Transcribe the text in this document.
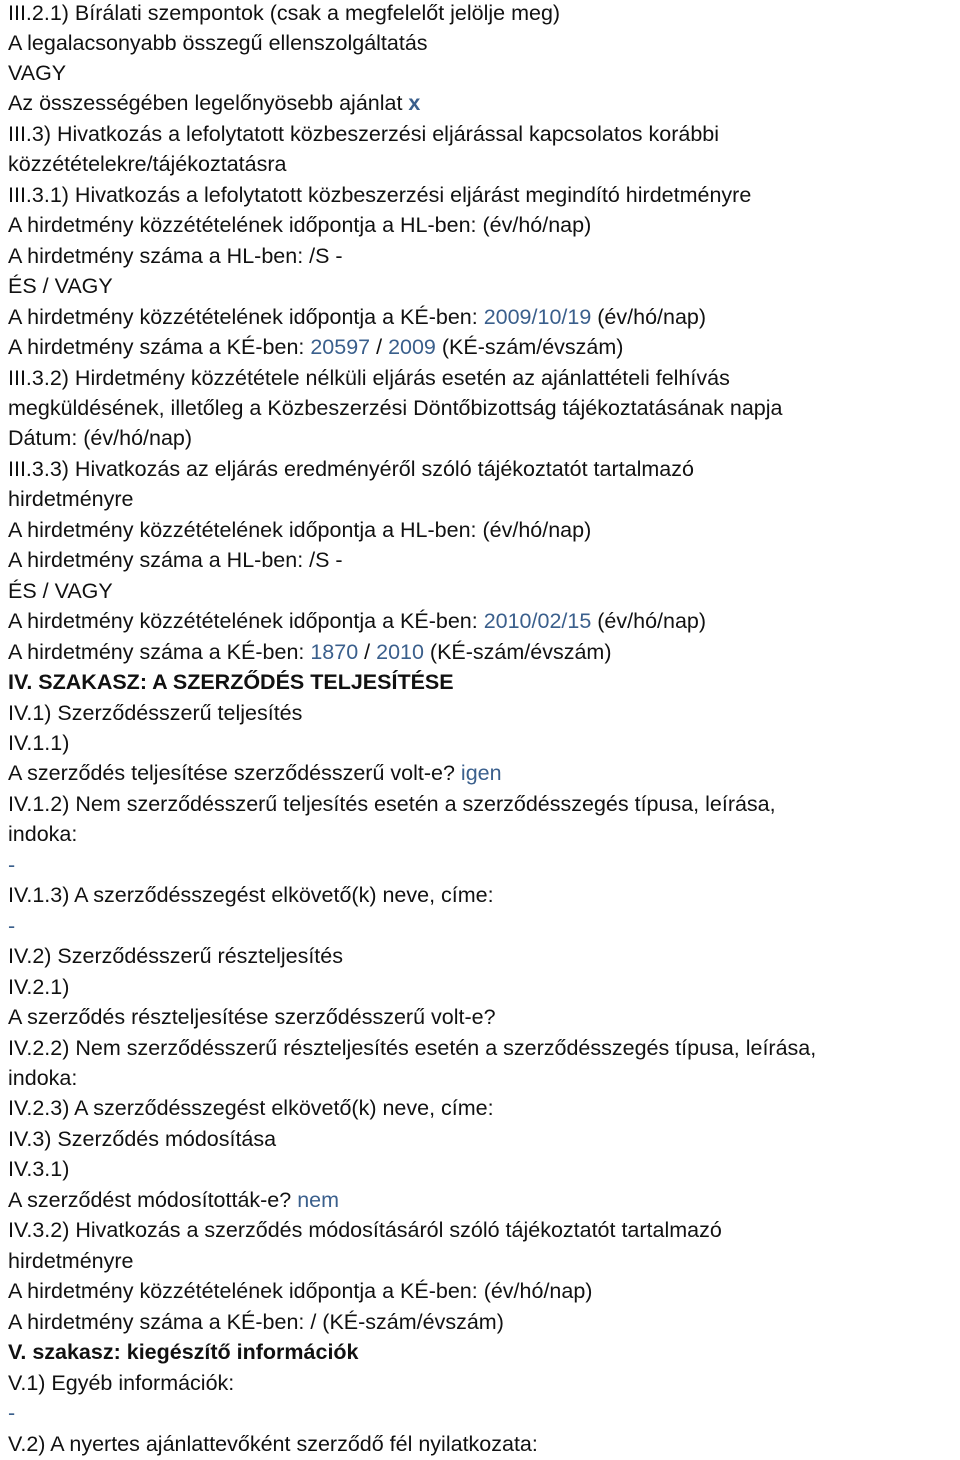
III.2.1) Bírálati szempontok (csak a megfelelőt jelölje meg)
A legalacsonyabb összegű ellenszolgáltatás
VAGY
Az összességében legelőnyösebb ajánlat x
III.3) Hivatkozás a lefolytatott közbeszerzési eljárással kapcsolatos korábbi
közzétételekre/tájékoztatásra
III.3.1) Hivatkozás a lefolytatott közbeszerzési eljárást megindító hirdetményre
A hirdetmény közzétételének időpontja a HL-ben: (év/hó/nap)
A hirdetmény száma a HL-ben: /S -
ÉS / VAGY
A hirdetmény közzétételének időpontja a KÉ-ben: 2009/10/19 (év/hó/nap)
A hirdetmény száma a KÉ-ben: 20597 / 2009 (KÉ-szám/évszám)
III.3.2) Hirdetmény közzététele nélküli eljárás esetén az ajánlattételi felhívás
megküldésének, illetőleg a Közbeszerzési Döntőbizottság tájékoztatásának napja
Dátum: (év/hó/nap)
III.3.3) Hivatkozás az eljárás eredményéről szóló tájékoztatót tartalmazó
hirdetményre
A hirdetmény közzétételének időpontja a HL-ben: (év/hó/nap)
A hirdetmény száma a HL-ben: /S -
ÉS / VAGY
A hirdetmény közzétételének időpontja a KÉ-ben: 2010/02/15 (év/hó/nap)
A hirdetmény száma a KÉ-ben: 1870 / 2010 (KÉ-szám/évszám)
IV. SZAKASZ: A SZERZŐDÉS TELJESÍTÉSE
IV.1) Szerződésszerű teljesítés
IV.1.1)
A szerződés teljesítése szerződésszerű volt-e? igen
IV.1.2) Nem szerződésszerű teljesítés esetén a szerződésszegés típusa, leírása,
indoka:
-
IV.1.3) A szerződésszegést elkövető(k) neve, címe:
-
IV.2) Szerződésszerű részteljesítés
IV.2.1)
A szerződés részteljesítése szerződésszerű volt-e?
IV.2.2) Nem szerződésszerű részteljesítés esetén a szerződésszegés típusa, leírása,
indoka:
IV.2.3) A szerződésszegést elkövető(k) neve, címe:
IV.3) Szerződés módosítása
IV.3.1)
A szerződést módosították-e? nem
IV.3.2) Hivatkozás a szerződés módosításáról szóló tájékoztatót tartalmazó
hirdetményre
A hirdetmény közzétételének időpontja a KÉ-ben: (év/hó/nap)
A hirdetmény száma a KÉ-ben: / (KÉ-szám/évszám)
V. szakasz: kiegészítő információk
V.1) Egyéb információk:
-
V.2) A nyertes ajánlattevőként szerződő fél nyilatkozata:
